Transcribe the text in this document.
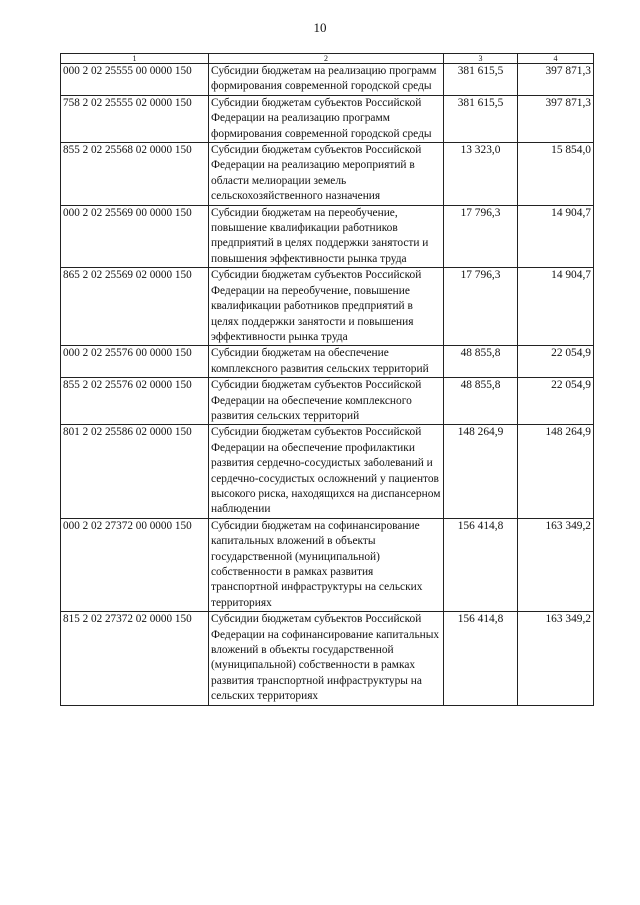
10
1	2	3	4
000 2 02 25555 00 0000 150	Субсидии бюджетам на реализацию программ формирования современной городской среды	381 615,5	397 871,3
758 2 02 25555 02 0000 150	Субсидии бюджетам субъектов Российской Федерации на реализацию программ формирования современной городской среды	381 615,5	397 871,3
855 2 02 25568 02 0000 150	Субсидии бюджетам субъектов Российской Федерации на реализацию мероприятий в области мелиорации земель сельскохозяйственного назначения	13 323,0	15 854,0
000 2 02 25569 00 0000 150	Субсидии бюджетам на переобучение, повышение квалификации работников предприятий в целях поддержки занятости и повышения эффективности рынка труда	17 796,3	14 904,7
865 2 02 25569 02 0000 150	Субсидии бюджетам субъектов Российской Федерации на переобучение, повышение квалификации работников предприятий в целях поддержки занятости и повышения эффективности рынка труда	17 796,3	14 904,7
000 2 02 25576 00 0000 150	Субсидии бюджетам на обеспечение комплексного развития сельских территорий	48 855,8	22 054,9
855 2 02 25576 02 0000 150	Субсидии бюджетам субъектов Российской Федерации на обеспечение комплексного развития сельских территорий	48 855,8	22 054,9
801 2 02 25586 02 0000 150	Субсидии бюджетам субъектов Российской Федерации на обеспечение профилактики развития сердечно-сосудистых заболеваний и сердечно-сосудистых осложнений у пациентов высокого риска, находящихся на диспансерном наблюдении	148 264,9	148 264,9
000 2 02 27372 00 0000 150	Субсидии бюджетам на софинансирование капитальных вложений в объекты государственной (муниципальной) собственности в рамках развития транспортной инфраструктуры на сельских территориях	156 414,8	163 349,2
815 2 02 27372 02 0000 150	Субсидии бюджетам субъектов Российской Федерации на софинансирование капитальных вложений в объекты государственной (муниципальной) собственности в рамках развития транспортной инфраструктуры на сельских территориях	156 414,8	163 349,2
